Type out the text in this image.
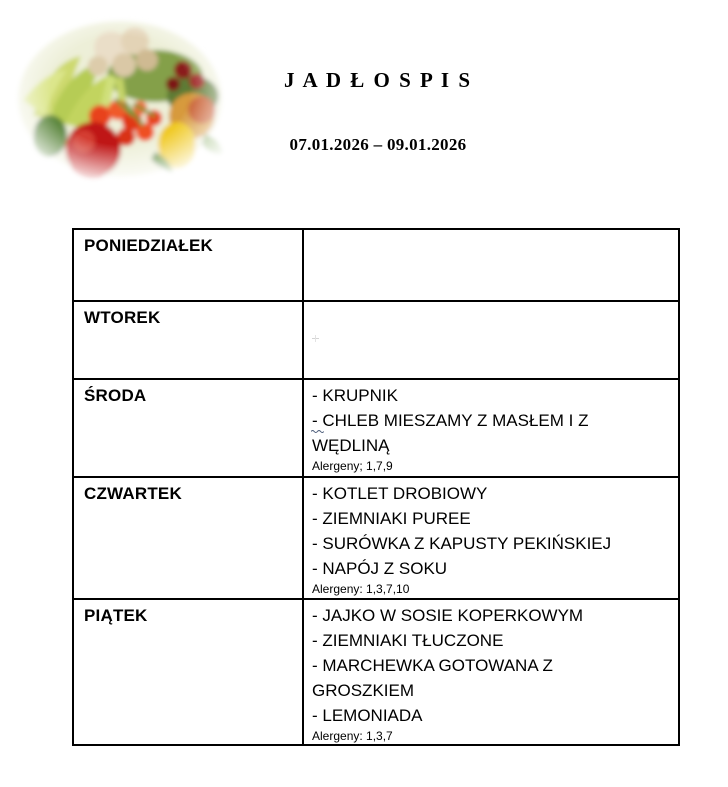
J A D Ł O S P I S
07.01.2026 – 09.01.2026
PONIEDZIAŁEK	
WTOREK	

ŚRODA	- KRUPNIK
- CHLEB MIESZAMY Z MASŁEM I Z WĘDLINĄ
Alergeny; 1,7,9

CZWARTEK	- KOTLET DROBIOWY
- ZIEMNIAKI PUREE
- SURÓWKA Z KAPUSTY PEKIŃSKIEJ
- NAPÓJ Z SOKU
Alergeny: 1,3,7,10

PIĄTEK	- JAJKO W SOSIE KOPERKOWYM
- ZIEMNIAKI TŁUCZONE
- MARCHEWKA GOTOWANA Z GROSZKIEM
- LEMONIADA
Alergeny: 1,3,7
